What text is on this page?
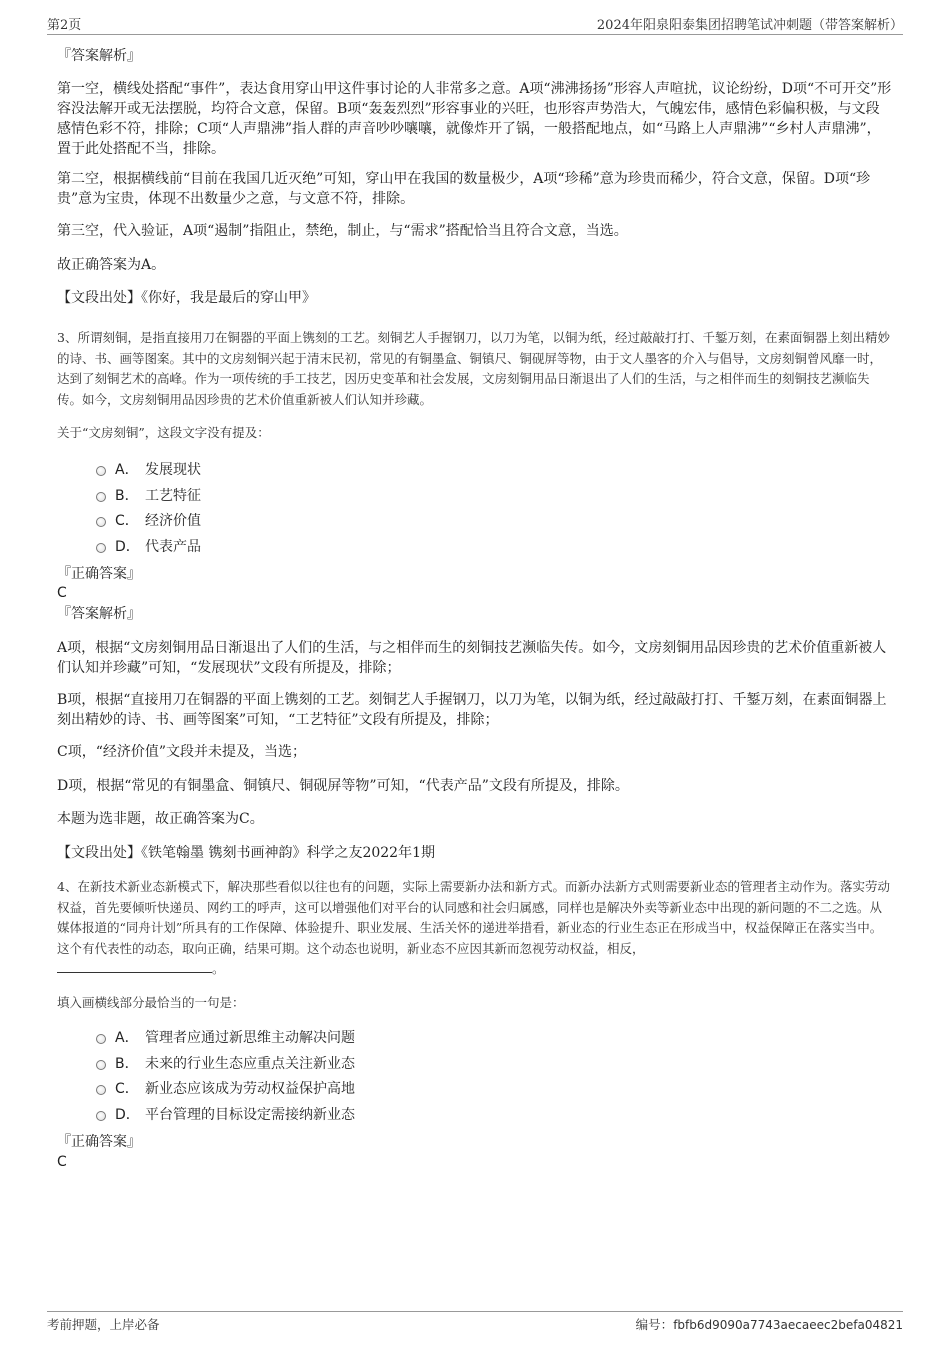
第2页	2024年阳泉阳泰集团招聘笔试冲刺题（带答案解析）

『答案解析』

第一空，横线处搭配“事件”，表达食用穿山甲这件事讨论的人非常多之意。A项“沸沸扬扬”形容人声喧扰，议论纷纷，D项“不可开交”形容没法解开或无法摆脱，均符合文意，保留。B项“轰轰烈烈”形容事业的兴旺，也形容声势浩大，气魄宏伟，感情色彩偏积极，与文段感情色彩不符，排除；C项“人声鼎沸”指人群的声音吵吵嚷嚷，就像炸开了锅，一般搭配地点，如“马路上人声鼎沸”“乡村人声鼎沸”，置于此处搭配不当，排除。

第二空，根据横线前“目前在我国几近灭绝”可知，穿山甲在我国的数量极少，A项“珍稀”意为珍贵而稀少，符合文意，保留。D项“珍贵”意为宝贵，体现不出数量少之意，与文意不符，排除。

第三空，代入验证，A项“遏制”指阻止，禁绝，制止，与“需求”搭配恰当且符合文意，当选。

故正确答案为A。

【文段出处】《你好，我是最后的穿山甲》

3、所谓刻铜，是指直接用刀在铜器的平面上镌刻的工艺。刻铜艺人手握钢刀，以刀为笔，以铜为纸，经过敲敲打打、千錾万刻，在素面铜器上刻出精妙的诗、书、画等图案。其中的文房刻铜兴起于清末民初，常见的有铜墨盒、铜镇尺、铜砚屏等物，由于文人墨客的介入与倡导，文房刻铜曾风靡一时，达到了刻铜艺术的高峰。作为一项传统的手工技艺，因历史变革和社会发展，文房刻铜用品日渐退出了人们的生活，与之相伴而生的刻铜技艺濒临失传。如今，文房刻铜用品因珍贵的艺术价值重新被人们认知并珍藏。

关于“文房刻铜”，这段文字没有提及：

A． 发展现状
B． 工艺特征
C． 经济价值
D． 代表产品

『正确答案』

C

『答案解析』

A项，根据“文房刻铜用品日渐退出了人们的生活，与之相伴而生的刻铜技艺濒临失传。如今，文房刻铜用品因珍贵的艺术价值重新被人们认知并珍藏”可知，“发展现状”文段有所提及，排除；

B项，根据“直接用刀在铜器的平面上镌刻的工艺。刻铜艺人手握钢刀，以刀为笔，以铜为纸，经过敲敲打打、千錾万刻，在素面铜器上刻出精妙的诗、书、画等图案”可知，“工艺特征”文段有所提及，排除；

C项，“经济价值”文段并未提及，当选；

D项，根据“常见的有铜墨盒、铜镇尺、铜砚屏等物”可知，“代表产品”文段有所提及，排除。

本题为选非题，故正确答案为C。

【文段出处】《铁笔翰墨 镌刻书画神韵》科学之友2022年1期

4、在新技术新业态新模式下，解决那些看似以往也有的问题，实际上需要新办法和新方式。而新办法新方式则需要新业态的管理者主动作为。落实劳动权益，首先要倾听快递员、网约工的呼声，这可以增强他们对平台的认同感和社会归属感，同样也是解决外卖等新业态中出现的新问题的不二之选。从媒体报道的“同舟计划”所具有的工作保障、体验提升、职业发展、生活关怀的递进举措看，新业态的行业生态正在形成当中，权益保障正在落实当中。这个有代表性的动态，取向正确，结果可期。这个动态也说明，新业态不应因其新而忽视劳动权益，相反，
。

填入画横线部分最恰当的一句是：

A． 管理者应通过新思维主动解决问题
B． 未来的行业生态应重点关注新业态
C． 新业态应该成为劳动权益保护高地
D． 平台管理的目标设定需接纳新业态

『正确答案』

C

考前押题，上岸必备	编号：fbfb6d9090a7743aecaeec2befa04821
